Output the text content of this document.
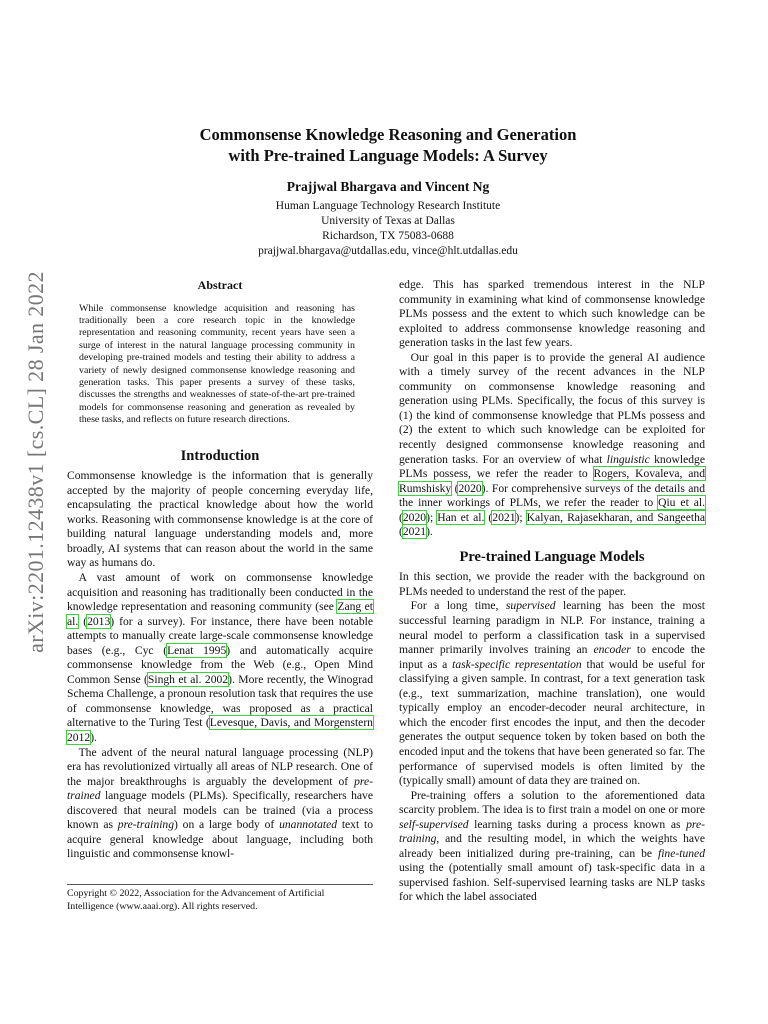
arXiv:2201.12438v1 [cs.CL] 28 Jan 2022
Commonsense Knowledge Reasoning and Generation
with Pre-trained Language Models: A Survey
Prajjwal Bhargava and Vincent Ng
Human Language Technology Research Institute
University of Texas at Dallas
Richardson, TX 75083-0688
prajjwal.bhargava@utdallas.edu, vince@hlt.utdallas.edu
Abstract
While commonsense knowledge acquisition and reasoning has traditionally been a core research topic in the knowledge representation and reasoning community, recent years have seen a surge of interest in the natural language processing community in developing pre-trained models and testing their ability to address a variety of newly designed commonsense knowledge reasoning and generation tasks. This paper presents a survey of these tasks, discusses the strengths and weaknesses of state-of-the-art pre-trained models for commonsense reasoning and generation as revealed by these tasks, and reflects on future research directions.
Introduction

Commonsense knowledge is the information that is generally accepted by the majority of people concerning everyday life, encapsulating the practical knowledge about how the world works. Reasoning with commonsense knowledge is at the core of building natural language understanding models and, more broadly, AI systems that can reason about the world in the same way as humans do.

A vast amount of work on commonsense knowledge acquisition and reasoning has traditionally been conducted in the knowledge representation and reasoning community (see Zang et al. (2013) for a survey). For instance, there have been notable attempts to manually create large-scale commonsense knowledge bases (e.g., Cyc (Lenat 1995) and automatically acquire commonsense knowledge from the Web (e.g., Open Mind Common Sense (Singh et al. 2002). More recently, the Winograd Schema Challenge, a pronoun resolution task that requires the use of commonsense knowledge, was proposed as a practical alternative to the Turing Test (Levesque, Davis, and Morgenstern 2012).

The advent of the neural natural language processing (NLP) era has revolutionized virtually all areas of NLP research. One of the major breakthroughs is arguably the development of pre-trained language models (PLMs). Specifically, researchers have discovered that neural models can be trained (via a process known as pre-training) on a large body of unannotated text to acquire general knowledge about language, including both linguistic and commonsense knowl-

Copyright © 2022, Association for the Advancement of Artificial Intelligence (www.aaai.org). All rights reserved.

edge. This has sparked tremendous interest in the NLP community in examining what kind of commonsense knowledge PLMs possess and the extent to which such knowledge can be exploited to address commonsense knowledge reasoning and generation tasks in the last few years.

Our goal in this paper is to provide the general AI audience with a timely survey of the recent advances in the NLP community on commonsense knowledge reasoning and generation using PLMs. Specifically, the focus of this survey is (1) the kind of commonsense knowledge that PLMs possess and (2) the extent to which such knowledge can be exploited for recently designed commonsense knowledge reasoning and generation tasks. For an overview of what linguistic knowledge PLMs possess, we refer the reader to Rogers, Kovaleva, and Rumshisky (2020). For comprehensive surveys of the details and the inner workings of PLMs, we refer the reader to Qiu et al. (2020); Han et al. (2021); Kalyan, Rajasekharan, and Sangeetha (2021).

Pre-trained Language Models

In this section, we provide the reader with the background on PLMs needed to understand the rest of the paper.

For a long time, supervised learning has been the most successful learning paradigm in NLP. For instance, training a neural model to perform a classification task in a supervised manner primarily involves training an encoder to encode the input as a task-specific representation that would be useful for classifying a given sample. In contrast, for a text generation task (e.g., text summarization, machine translation), one would typically employ an encoder-decoder neural architecture, in which the encoder first encodes the input, and then the decoder generates the output sequence token by token based on both the encoded input and the tokens that have been generated so far. The performance of supervised models is often limited by the (typically small) amount of data they are trained on.

Pre-training offers a solution to the aforementioned data scarcity problem. The idea is to first train a model on one or more self-supervised learning tasks during a process known as pre-training, and the resulting model, in which the weights have already been initialized during pre-training, can be fine-tuned using the (potentially small amount of) task-specific data in a supervised fashion. Self-supervised learning tasks are NLP tasks for which the label associated
